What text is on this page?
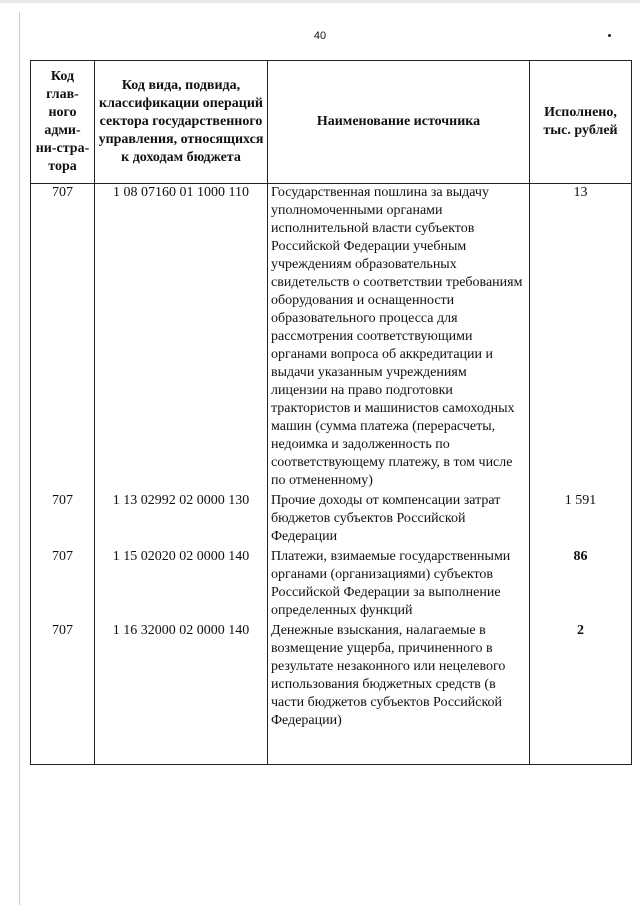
40
Код глав-ного адми-ни-стра-тора	Код вида, подвида, классификации операций сектора государственного управления, относящихся к доходам бюджета	Наименование источника	Исполнено, тыс. рублей
707	1 08 07160 01 1000 110	Государственная пошлина за выдачу уполномоченными органами исполнительной власти субъектов Российской Федерации учебным учреждениям образовательных свидетельств о соответствии требованиям оборудования и оснащенности образовательного процесса для рассмотрения соответствующими органами вопроса об аккредитации и выдачи указанным учреждениям лицензии на право подготовки трактористов и машинистов самоходных машин (сумма платежа (перерасчеты, недоимка и задолженность по соответствующему платежу, в том числе по отмененному)	13
707	1 13 02992 02 0000 130	Прочие доходы от компенсации затрат бюджетов субъектов Российской Федерации	1 591
707	1 15 02020 02 0000 140	Платежи, взимаемые государственными органами (организациями) субъектов Российской Федерации за выполнение определенных функций	86
707	1 16 32000 02 0000 140	Денежные взыскания, налагаемые в возмещение ущерба, причиненного в результате незаконного или нецелевого использования бюджетных средств (в части бюджетов субъектов Российской Федерации)	2
